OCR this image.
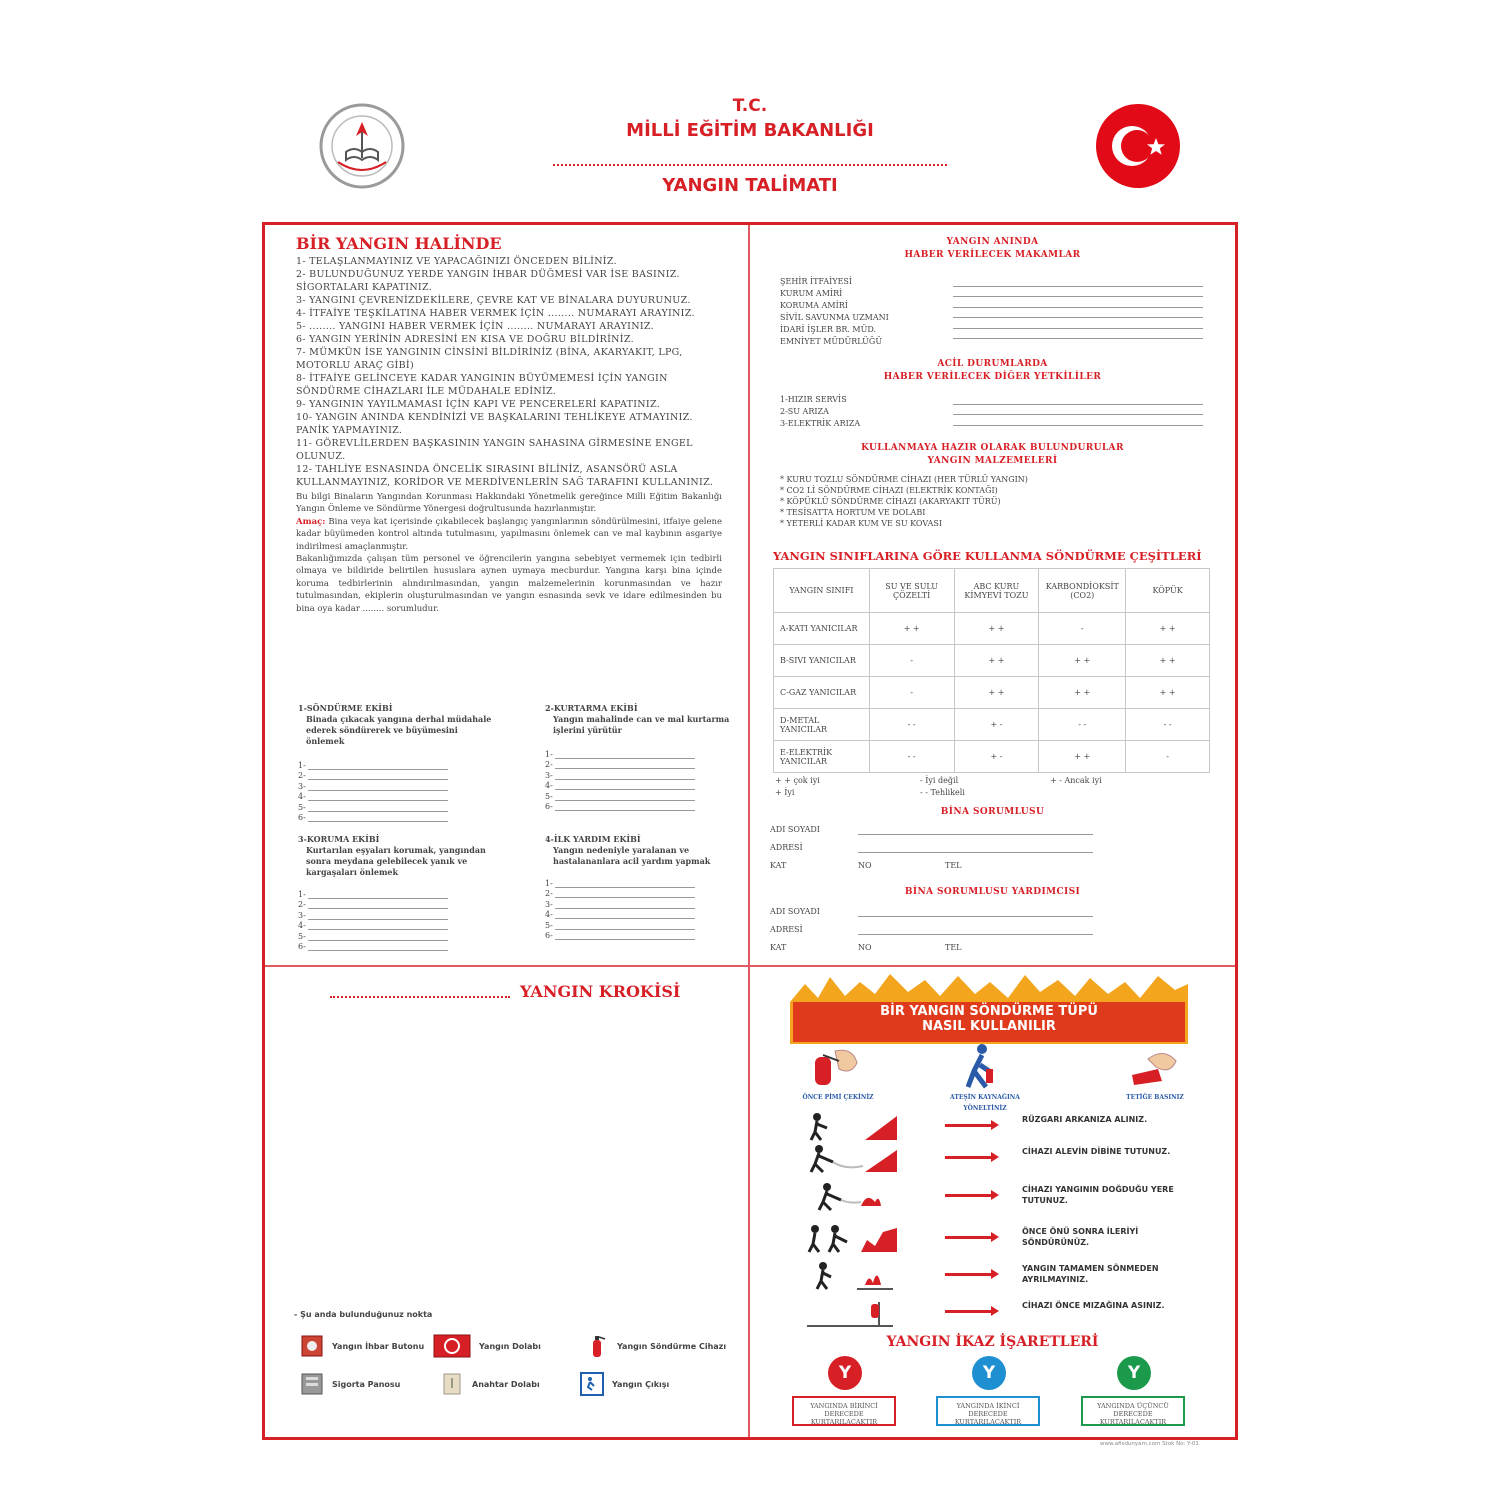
T.C.
MİLLİ EĞİTİM BAKANLIĞI
YANGIN TALİMATI
BİR YANGIN HALİNDE
1- TELAŞLANMAYINIZ VE YAPACAĞINIZI ÖNCEDEN BİLİNİZ.
2- BULUNDUĞUNUZ YERDE YANGIN İHBAR DÜĞMESİ VAR İSE BASINIZ. SİGORTALARI KAPATINIZ.
3- YANGINI ÇEVRENİZDEKİLERE, ÇEVRE KAT VE BİNALARA DUYURUNUZ.
4- İTFAİYE TEŞKİLATINA HABER VERMEK İÇİN ........ NUMARAYI ARAYINIZ.
5- ........ YANGINI HABER VERMEK İÇİN ........ NUMARAYI ARAYINIZ.
6- YANGIN YERİNİN ADRESİNİ EN KISA VE DOĞRU BİLDİRİNİZ.
7- MÜMKÜN İSE YANGININ CİNSİNİ BİLDİRİNİZ (BİNA, AKARYAKIT, LPG, MOTORLU ARAÇ GİBİ)
8- İTFAİYE GELİNCEYE KADAR YANGININ BÜYÜMEMESİ İÇİN YANGIN SÖNDÜRME CİHAZLARI İLE MÜDAHALE EDİNİZ.
9- YANGININ YAYILMAMASI İÇİN KAPI VE PENCERELERİ KAPATINIZ.
10- YANGIN ANINDA KENDİNİZİ VE BAŞKALARINI TEHLİKEYE ATMAYINIZ. PANİK YAPMAYINIZ.
11- GÖREVLİLERDEN BAŞKASININ YANGIN SAHASINA GİRMESİNE ENGEL OLUNUZ.
12- TAHLİYE ESNASINDA ÖNCELİK SIRASINI BİLİNİZ, ASANSÖRÜ ASLA KULLANMAYINIZ, KORİDOR VE MERDİVENLERİN SAĞ TARAFINI KULLANINIZ.
Bu bilgi Binaların Yangından Korunması Hakkındaki Yönetmelik gereğince Milli Eğitim Bakanlığı Yangın Önleme ve Söndürme Yönergesi doğrultusunda hazırlanmıştır.
Amaç: Bina veya kat içerisinde çıkabilecek başlangıç yangınlarının söndürülmesini, itfaiye gelene kadar büyümeden kontrol altında tutulmasını, yapılmasını önlemek can ve mal kaybının asgariye indirilmesi amaçlanmıştır.
Bakanlığımızda çalışan tüm personel ve öğrencilerin yangına sebebiyet vermemek için tedbirli olmaya ve bildiride belirtilen hususlara aynen uymaya mecburdur. Yangına karşı bina içinde koruma tedbirlerinin alındırılmasından, yangın malzemelerinin korunmasından ve hazır tutulmasından, ekiplerin oluşturulmasından ve yangın esnasında sevk ve idare edilmesinden bu bina oya kadar ........ sorumludur.
1-SÖNDÜRME EKİBİ
Binada çıkacak yangına derhal müdahale ederek söndürerek ve büyümesini önlemek
1-
2-
3-
4-
5-
6-
2-KURTARMA EKİBİ
Yangın mahalinde can ve mal kurtarma işlerini yürütür
1-
2-
3-
4-
5-
6-
3-KORUMA EKİBİ
Kurtarılan eşyaları korumak, yangından sonra meydana gelebilecek yanık ve kargaşaları önlemek
1-
2-
3-
4-
5-
6-
4-İLK YARDIM EKİBİ
Yangın nedeniyle yaralanan ve hastalananlara acil yardım yapmak
1-
2-
3-
4-
5-
6-
YANGIN ANINDA
HABER VERİLECEK MAKAMLAR
ŞEHİR İTFAİYESİ
KURUM AMİRİ
KORUMA AMİRİ
SİVİL SAVUNMA UZMANI
İDARİ İŞLER BR. MÜD.
EMNİYET MÜDÜRLÜĞÜ
ACİL DURUMLARDA
HABER VERİLECEK DİĞER YETKİLİLER
1-HIZIR SERVİS
2-SU ARIZA
3-ELEKTRİK ARIZA
KULLANMAYA HAZIR OLARAK BULUNDURULAR
YANGIN MALZEMELERİ
* KURU TOZLU SÖNDÜRME CİHAZI (HER TÜRLÜ YANGIN)
* CO2 Lİ SÖNDÜRME CİHAZI (ELEKTRİK KONTAĞI)
* KÖPÜKLÜ SÖNDÜRME CİHAZI (AKARYAKIT TÜRÜ)
* TESİSATTA HORTUM VE DOLABI
* YETERLİ KADAR KUM VE SU KOVASI
YANGIN SINIFLARINA GÖRE KULLANMA SÖNDÜRME ÇEŞİTLERİ
YANGIN SINIFI	SU VE SULU ÇÖZELTİ	ABC KURU KİMYEVİ TOZU	KARBONDİOKSİT (CO2)	KÖPÜK
A-KATI YANICILAR	+ +	+ +	-	+ +
B-SIVI YANICILAR	-	+ +	+ +	+ +
C-GAZ YANICILAR	-	+ +	+ +	+ +
D-METAL YANICILAR	- -	+ -	- -	- -
E-ELEKTRİK YANICILAR	- -	+ -	+ +	-
+ + çok iyi	- İyi değil	+ - Ancak iyi
+ İyi	- - Tehlikeli
BİNA SORUMLUSU
ADI SOYADI
ADRESİ
KAT	NO	TEL
BİNA SORUMLUSU YARDIMCISI
ADI SOYADI
ADRESİ
KAT	NO	TEL
YANGIN KROKİSİ
- Şu anda bulunduğunuz nokta
Yangın İhbar Butonu	Yangın Dolabı	Yangın Söndürme Cihazı
Sigorta Panosu	Anahtar Dolabı	Yangın Çıkışı
BİR YANGIN SÖNDÜRME TÜPÜ
NASIL KULLANILIR
ÖNCE PİMİ ÇEKİNİZ	ATEŞİN KAYNAĞINA YÖNELTİNİZ
TETİĞE BASINIZ
RÜZGARI ARKANIZA ALINIZ.
CİHAZI ALEVİN DİBİNE TUTUNUZ.
CİHAZI YANGININ DOĞDUĞU YERE TUTUNUZ.
ÖNCE ÖNÜ SONRA İLERİYİ SÖNDÜRÜNÜZ.
YANGIN TAMAMEN SÖNMEDEN AYRILMAYINIZ.
CİHAZI ÖNCE MIZAĞINA ASINIZ.
YANGIN İKAZ İŞARETLERİ
Y
YANGINDA BİRİNCİ DERECEDE KURTARILACAKTIR
Y
YANGINDA İKİNCİ DERECEDE KURTARILACAKTIR
Y
YANGINDA ÜÇÜNCÜ DERECEDE KURTARILACAKTIR
www.afisdunyam.com Stok No: Y-01
